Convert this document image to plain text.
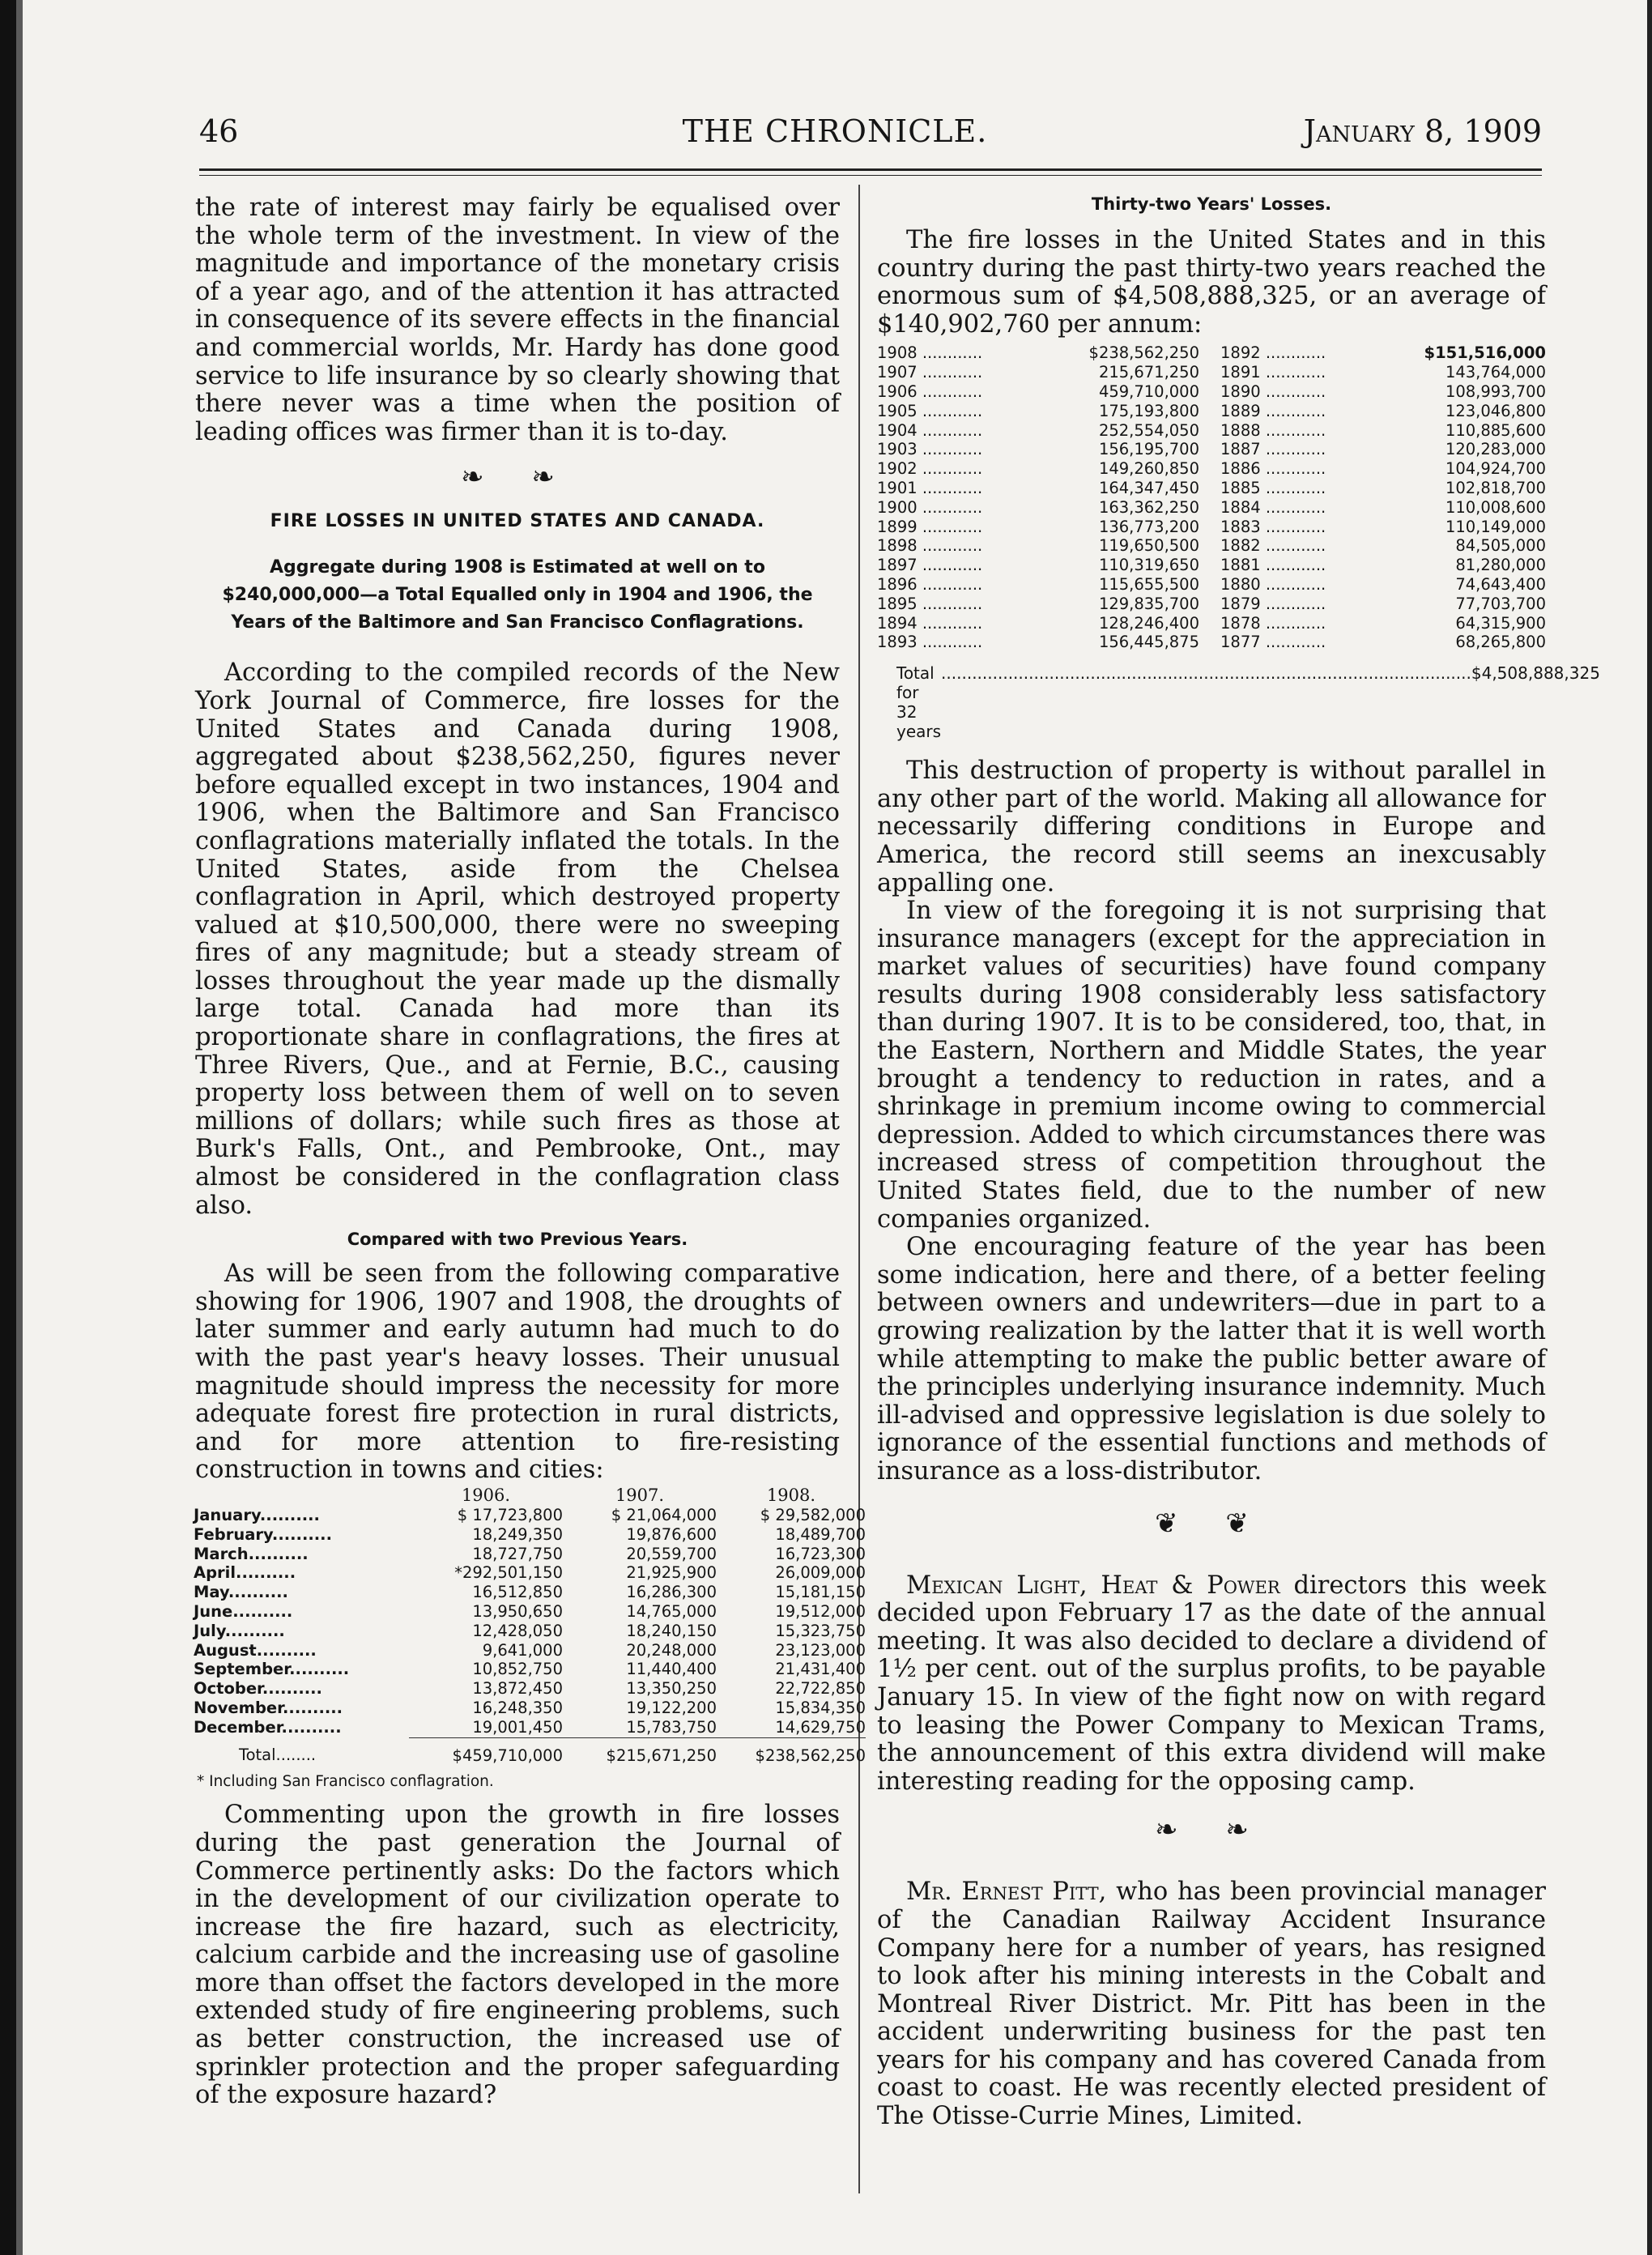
THE CHRONICLE.
46	January 8, 1909

the rate of interest may fairly be equalised over the whole term of the investment. In view of the magnitude and importance of the monetary crisis of a year ago, and of the attention it has attracted in consequence of its severe effects in the financial and commercial worlds, Mr. Hardy has done good service to life insurance by so clearly showing that there never was a time when the position of leading offices was firmer than it is to-day.

❧ ❧
FIRE LOSSES IN UNITED STATES AND CANADA.
Aggregate during 1908 is Estimated at well on to $240,000,000—a Total Equalled only in 1904 and 1906, the Years of the Baltimore and San Francisco Conflagrations.

According to the compiled records of the New York Journal of Commerce, fire losses for the United States and Canada during 1908, aggregated about $238,562,250, figures never before equalled except in two instances, 1904 and 1906, when the Baltimore and San Francisco conflagrations materially inflated the totals. In the United States, aside from the Chelsea conflagration in April, which destroyed property valued at $10,500,000, there were no sweeping fires of any magnitude; but a steady stream of losses throughout the year made up the dismally large total. Canada had more than its proportionate share in conflagrations, the fires at Three Rivers, Que., and at Fernie, B.C., causing property loss between them of well on to seven millions of dollars; while such fires as those at Burk's Falls, Ont., and Pembrooke, Ont., may almost be considered in the conflagration class also.

Compared with two Previous Years.

As will be seen from the following comparative showing for 1906, 1907 and 1908, the droughts of later summer and early autumn had much to do with the past year's heavy losses. Their unusual magnitude should impress the necessity for more adequate forest fire protection in rural districts, and for more attention to fire-resisting construction in towns and cities:

	1906.	1907.	1908.
January..........	$ 17,723,800	$ 21,064,000	$ 29,582,000
February..........	18,249,350	19,876,600	18,489,700
March..........	18,727,750	20,559,700	16,723,300
April..........	*292,501,150	21,925,900	26,009,000
May..........	16,512,850	16,286,300	15,181,150
June..........	13,950,650	14,765,000	19,512,000
July..........	12,428,050	18,240,150	15,323,750
August..........	9,641,000	20,248,000	23,123,000
September..........	10,852,750	11,440,400	21,431,400
October..........	13,872,450	13,350,250	22,722,850
November..........	16,248,350	19,122,200	15,834,350
December..........	19,001,450	15,783,750	14,629,750
Total........	$459,710,000	$215,671,250	$238,562,250
* Including San Francisco conflagration.

Commenting upon the growth in fire losses during the past generation the Journal of Commerce pertinently asks: Do the factors which in the development of our civilization operate to increase the fire hazard, such as electricity, calcium carbide and the increasing use of gasoline more than offset the factors developed in the more extended study of fire engineering problems, such as better construction, the increased use of sprinkler protection and the proper safeguarding of the exposure hazard?

Thirty-two Years' Losses.

The fire losses in the United States and in this country during the past thirty-two years reached the enormous sum of $4,508,888,325, or an average of $140,902,760 per annum:

1908 ............	$238,562,250	1892 ............	$151,516,000
1907 ............	215,671,250	1891 ............	143,764,000
1906 ............	459,710,000	1890 ............	108,993,700
1905 ............	175,193,800	1889 ............	123,046,800
1904 ............	252,554,050	1888 ............	110,885,600
1903 ............	156,195,700	1887 ............	120,283,000
1902 ............	149,260,850	1886 ............	104,924,700
1901 ............	164,347,450	1885 ............	102,818,700
1900 ............	163,362,250	1884 ............	110,008,600
1899 ............	136,773,200	1883 ............	110,149,000
1898 ............	119,650,500	1882 ............	84,505,000
1897 ............	110,319,650	1881 ............	81,280,000
1896 ............	115,655,500	1880 ............	74,643,400
1895 ............	129,835,700	1879 ............	77,703,700
1894 ............	128,246,400	1878 ............	64,315,900
1893 ............	156,445,875	1877 ............	68,265,800
Total for 32 years
....................................................................................................... $4,508,888,325

This destruction of property is without parallel in any other part of the world. Making all allowance for necessarily differing conditions in Europe and America, the record still seems an inexcusably appalling one.

In view of the foregoing it is not surprising that insurance managers (except for the appreciation in market values of securities) have found company results during 1908 considerably less satisfactory than during 1907. It is to be considered, too, that, in the Eastern, Northern and Middle States, the year brought a tendency to reduction in rates, and a shrinkage in premium income owing to commercial depression. Added to which circumstances there was increased stress of competition throughout the United States field, due to the number of new companies organized.

One encouraging feature of the year has been some indication, here and there, of a better feeling between owners and undewriters—due in part to a growing realization by the latter that it is well worth while attempting to make the public better aware of the principles underlying insurance indemnity. Much ill-advised and oppressive legislation is due solely to ignorance of the essential functions and methods of insurance as a loss-distributor.

❦ ❦

Mexican Light, Heat & Power directors this week decided upon February 17 as the date of the annual meeting. It was also decided to declare a dividend of 1½ per cent. out of the surplus profits, to be payable January 15. In view of the fight now on with regard to leasing the Power Company to Mexican Trams, the announcement of this extra dividend will make interesting reading for the opposing camp.

❧ ❧

Mr. Ernest Pitt, who has been provincial manager of the Canadian Railway Accident Insurance Company here for a number of years, has resigned to look after his mining interests in the Cobalt and Montreal River District. Mr. Pitt has been in the accident underwriting business for the past ten years for his company and has covered Canada from coast to coast. He was recently elected president of The Otisse-Currie Mines, Limited.
